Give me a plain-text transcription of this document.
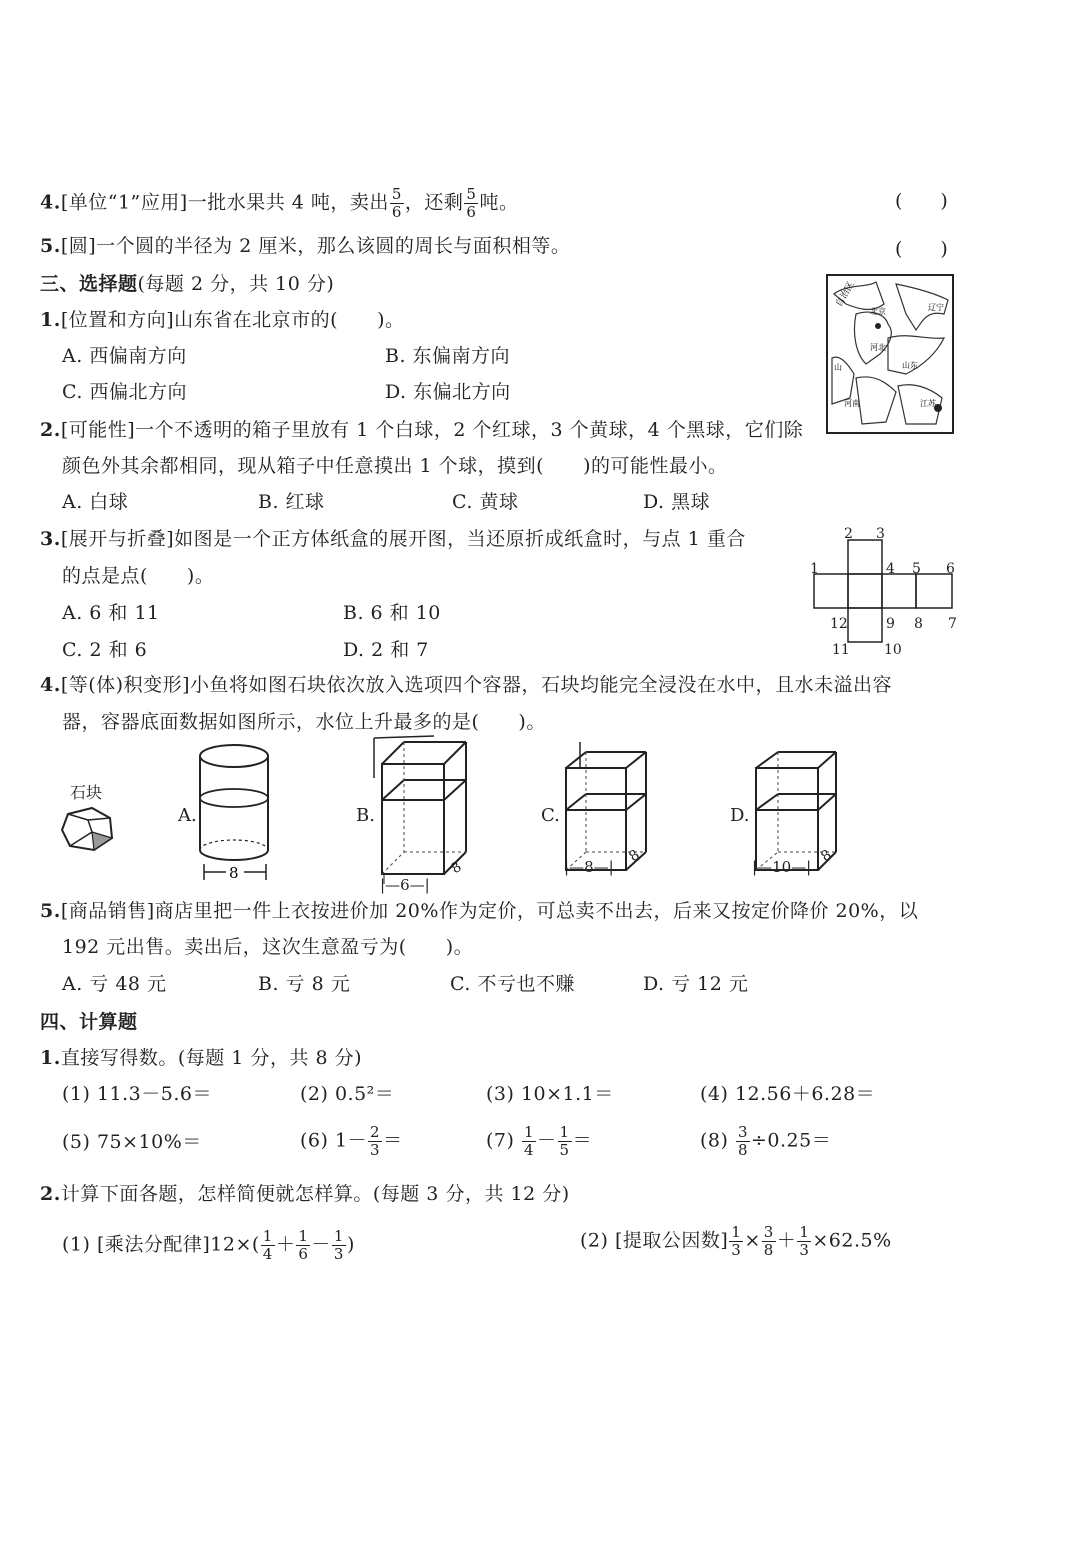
4.[单位“1”应用]一批水果共 4 吨，卖出 $\frac{5}{6}$ ，还剩 $\frac{5}{6}$ 吨。	(　　)
5.[圆]一个圆的半径为 2 厘米，那么该圆的周长与面积相等。	(　　)
三、选择题(每题 2 分，共 10 分)
1.[位置和方向]山东省在北京市的(　　)。
A. 西偏南方向	B. 东偏南方向
C. 西偏北方向	D. 东偏北方向
自治区
北京	辽宁
河北
山东
山
河南	江苏
2.[可能性]一个不透明的箱子里放有 1 个白球，2 个红球，3 个黄球，4 个黑球，它们除
颜色外其余都相同，现从箱子中任意摸出 1 个球，摸到(　　)的可能性最小。
A. 白球	B. 红球	C. 黄球	D. 黑球
3.[展开与折叠]如图是一个正方体纸盒的展开图，当还原折成纸盒时，与点 1 重合
的点是点(　　)。
A. 6 和 11	B. 6 和 10
C. 2 和 6	D. 2 和 7
1
2 3
4 5 6
7
8
9
10
11
12
4.[等(体)积变形]小鱼将如图石块依次放入选项四个容器，石块均能完全浸没在水中，且水未溢出容
器，容器底面数据如图所示，水位上升最多的是(　　)。
石块
A.
8
B.
|—6—|
8
C.
|—8—|
8
D.
|—10—|
8
5.[商品销售]商店里把一件上衣按进价加 20%作为定价，可总卖不出去，后来又按定价降价 20%，以
192 元出售。卖出后，这次生意盈亏为(　　)。
A. 亏 48 元	B. 亏 8 元	C. 不亏也不赚	D. 亏 12 元
四、计算题
1.直接写得数。(每题 1 分，共 8 分)
(1) 11.3－5.6＝	(2) 0.5²＝	(3) 10×1.1＝	(4) 12.56＋6.28＝
(5) 75×10%＝	(6) $1- \frac{2}{3}$ ＝	$(7) \frac{1}{4} - \frac{1}{5}$ ＝	$(8) \frac{3}{8} \div 0.25=$
2.计算下面各题，怎样简便就怎样算。(每题 3 分，共 12 分)
(1) [乘法分配律]$12\times( \frac{1}{4} + \frac{1}{6} - \frac{1}{3}$ )	(2) [提取公因数] $\frac{1}{3} \times \frac{3}{8} + \frac{1}{3} \times 62.5\%$
